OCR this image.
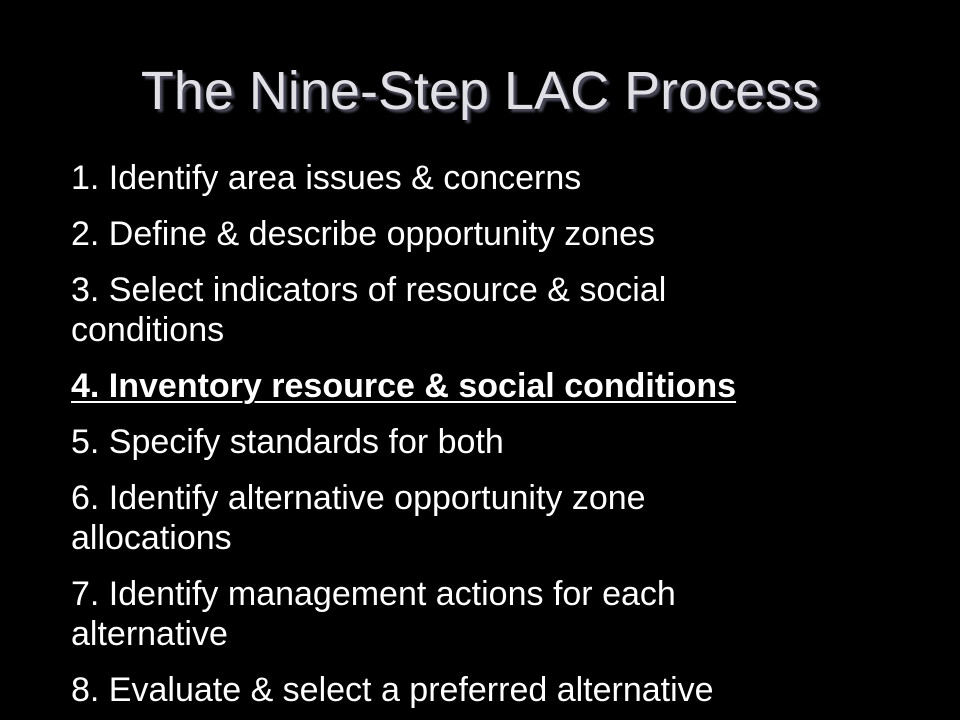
The Nine-Step LAC Process
1. Identify area issues & concerns
2. Define & describe opportunity zones
3. Select indicators of resource & social
conditions
4. Inventory resource & social conditions
5. Specify standards for both
6. Identify alternative opportunity zone
allocations
7. Identify management actions for each
alternative
8. Evaluate & select a preferred alternative
